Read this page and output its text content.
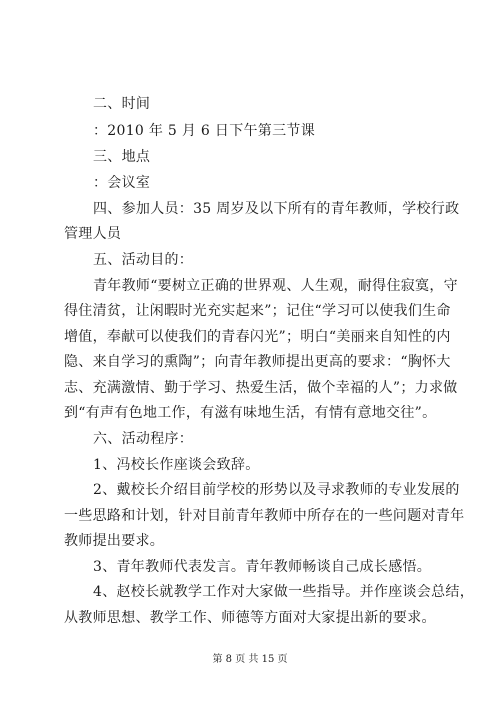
二、时间
：2010 年 5 月 6 日下午第三节课
三、地点
：会议室
四、参加人员：35 周岁及以下所有的青年教师，学校行政
管理人员
五、活动目的：
青年教师“要树立正确的世界观、人生观，耐得住寂寞，守
得住清贫，让闲暇时光充实起来”；记住“学习可以使我们生命
增值，奉献可以使我们的青春闪光”；明白“美丽来自知性的内
隐、来自学习的熏陶”；向青年教师提出更高的要求：“胸怀大
志、充满激情、勤于学习、热爱生活，做个幸福的人”；力求做
到“有声有色地工作，有滋有味地生活，有情有意地交往”。
六、活动程序：
1、冯校长作座谈会致辞。
2、戴校长介绍目前学校的形势以及寻求教师的专业发展的
一些思路和计划，针对目前青年教师中所存在的一些问题对青年
教师提出要求。
3、青年教师代表发言。青年教师畅谈自己成长感悟。
4、赵校长就教学工作对大家做一些指导。并作座谈会总结，
从教师思想、教学工作、师德等方面对大家提出新的要求。
第 8 页 共 15 页
